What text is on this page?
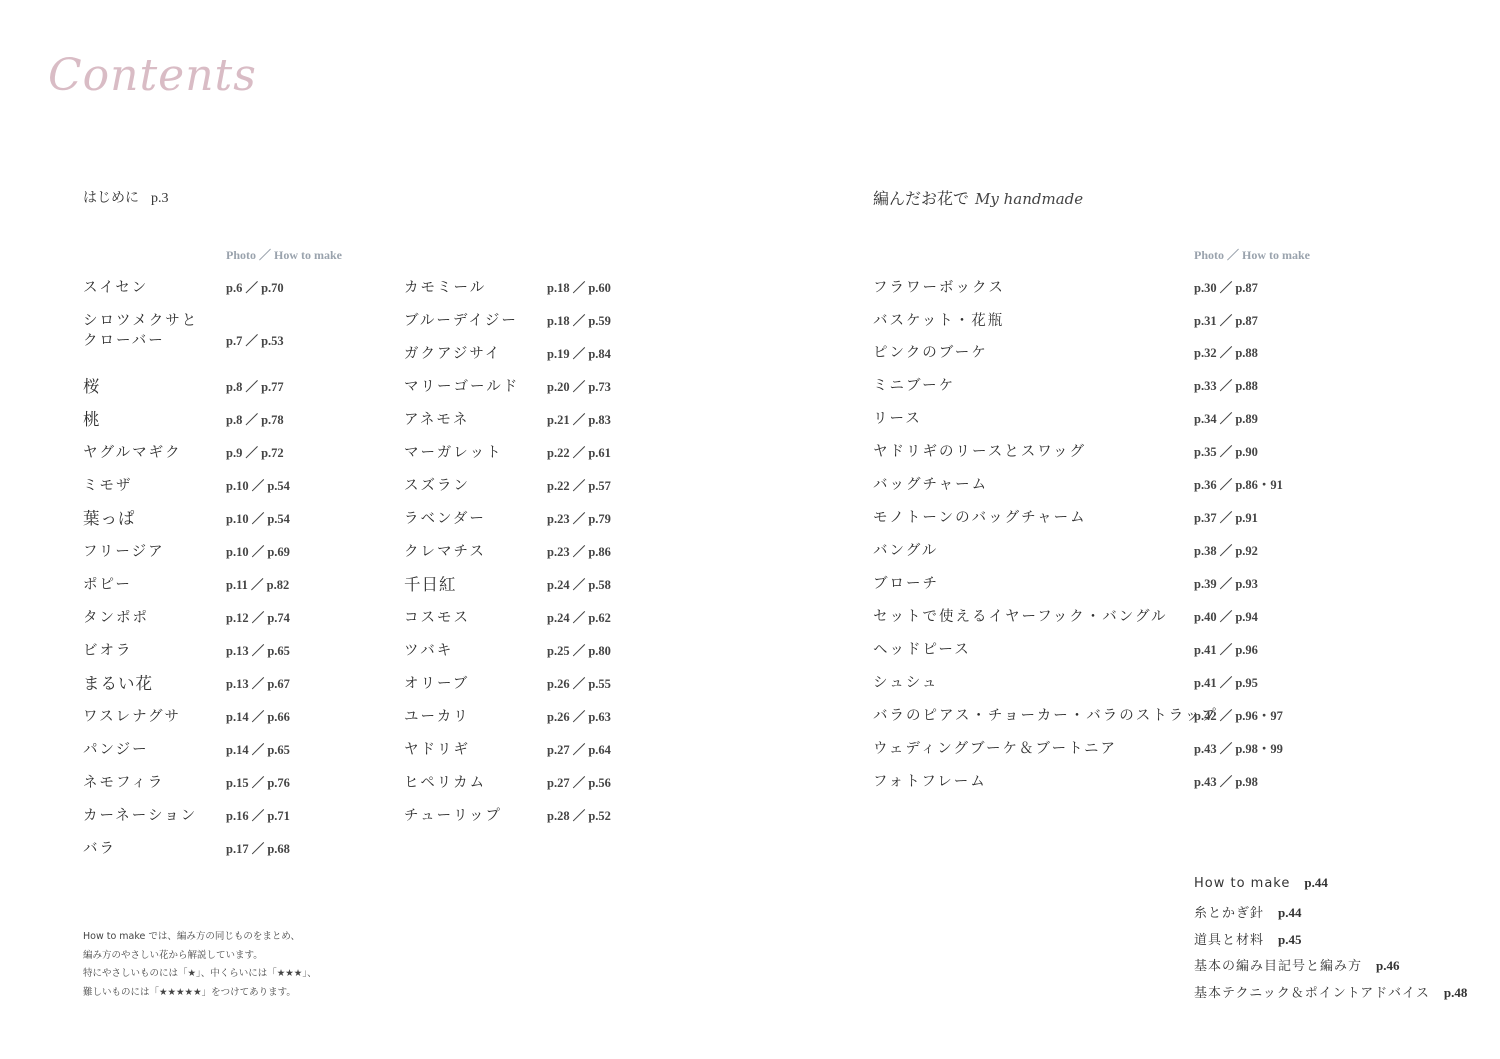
Contents
はじめに p.3
Photo ／ How to make	Photo ／ How to make
編んだお花で My handmade
スイセン	p.6 ／ p.70
シロツメクサと
クローバー	p.7 ／ p.53
桜	p.8 ／ p.77
桃	p.8 ／ p.78
ヤグルマギク	p.9 ／ p.72
ミモザ	p.10 ／ p.54
葉っぱ	p.10 ／ p.54
フリージア	p.10 ／ p.69
ポピー	p.11 ／ p.82
タンポポ	p.12 ／ p.74
ビオラ	p.13 ／ p.65
まるい花	p.13 ／ p.67
ワスレナグサ	p.14 ／ p.66
パンジー	p.14 ／ p.65
ネモフィラ	p.15 ／ p.76
カーネーション p.16 ／ p.71
バラ	p.17 ／ p.68
カモミール	p.18 ／ p.60
ブルーデイジー p.18 ／ p.59
ガクアジサイ	p.19 ／ p.84
マリーゴールド p.20 ／ p.73
アネモネ	p.21 ／ p.83
マーガレット	p.22 ／ p.61
スズラン	p.22 ／ p.57
ラベンダー	p.23 ／ p.79
クレマチス	p.23 ／ p.86
千日紅	p.24 ／ p.58
コスモス	p.24 ／ p.62
ツバキ	p.25 ／ p.80
オリーブ	p.26 ／ p.55
ユーカリ	p.26 ／ p.63
ヤドリギ	p.27 ／ p.64
ヒペリカム	p.27 ／ p.56
チューリップ	p.28 ／ p.52
フラワーボックス	p.30 ／ p.87
バスケット・花瓶	p.31 ／ p.87
ピンクのブーケ	p.32 ／ p.88
ミニブーケ	p.33 ／ p.88
リース	p.34 ／ p.89
ヤドリギのリースとスワッグ	p.35 ／ p.90
バッグチャーム	p.36 ／ p.86・91
モノトーンのバッグチャーム	p.37 ／ p.91
バングル	p.38 ／ p.92
ブローチ	p.39 ／ p.93
セットで使えるイヤーフック・バングル p.40 ／ p.94
ヘッドピース	p.41 ／ p.96
シュシュ	p.41 ／ p.95
バラのピアス・チョーカー・バラのストラップ
p.42 ／ p.96・97
ウェディングブーケ＆ブートニア	p.43 ／ p.98・99
フォトフレーム	p.43 ／ p.98
How to make では、編み方の同じものをまとめ、
編み方のやさしい花から解説しています。
特にやさしいものには「★」、中くらいには「★★★」、
難しいものには「★★★★★」をつけてあります。
How to make p.44
糸とかぎ針 p.44
道具と材料 p.45
基本の編み目記号と編み方 p.46
基本テクニック＆ポイントアドバイス p.48
